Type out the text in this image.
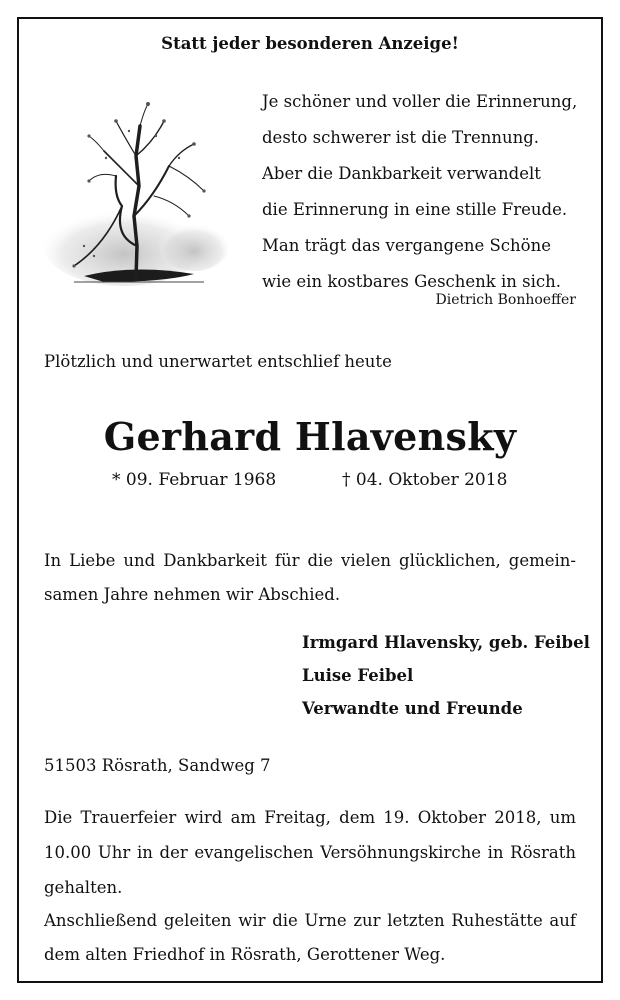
Statt jeder besonderen Anzeige!
Je schöner und voller die Erinnerung,
desto schwerer ist die Trennung.
Aber die Dankbarkeit verwandelt
die Erinnerung in eine stille Freude.
Man trägt das vergangene Schöne
wie ein kostbares Geschenk in sich.
Dietrich Bonhoeffer
Plötzlich und unerwartet entschlief heute
Gerhard Hlavensky
* 09. Februar 1968	† 04. Oktober 2018
In Liebe und Dankbarkeit für die vielen glücklichen, gemein-
samen Jahre nehmen wir Abschied.
Irmgard Hlavensky, geb. Feibel
Luise Feibel
Verwandte und Freunde
51503 Rösrath, Sandweg 7
Die Trauerfeier wird am Freitag, dem 19. Oktober 2018, um
10.00 Uhr in der evangelischen Versöhnungskirche in Rösrath
gehalten.
Anschließend geleiten wir die Urne zur letzten Ruhestätte auf
dem alten Friedhof in Rösrath, Gerottener Weg.
